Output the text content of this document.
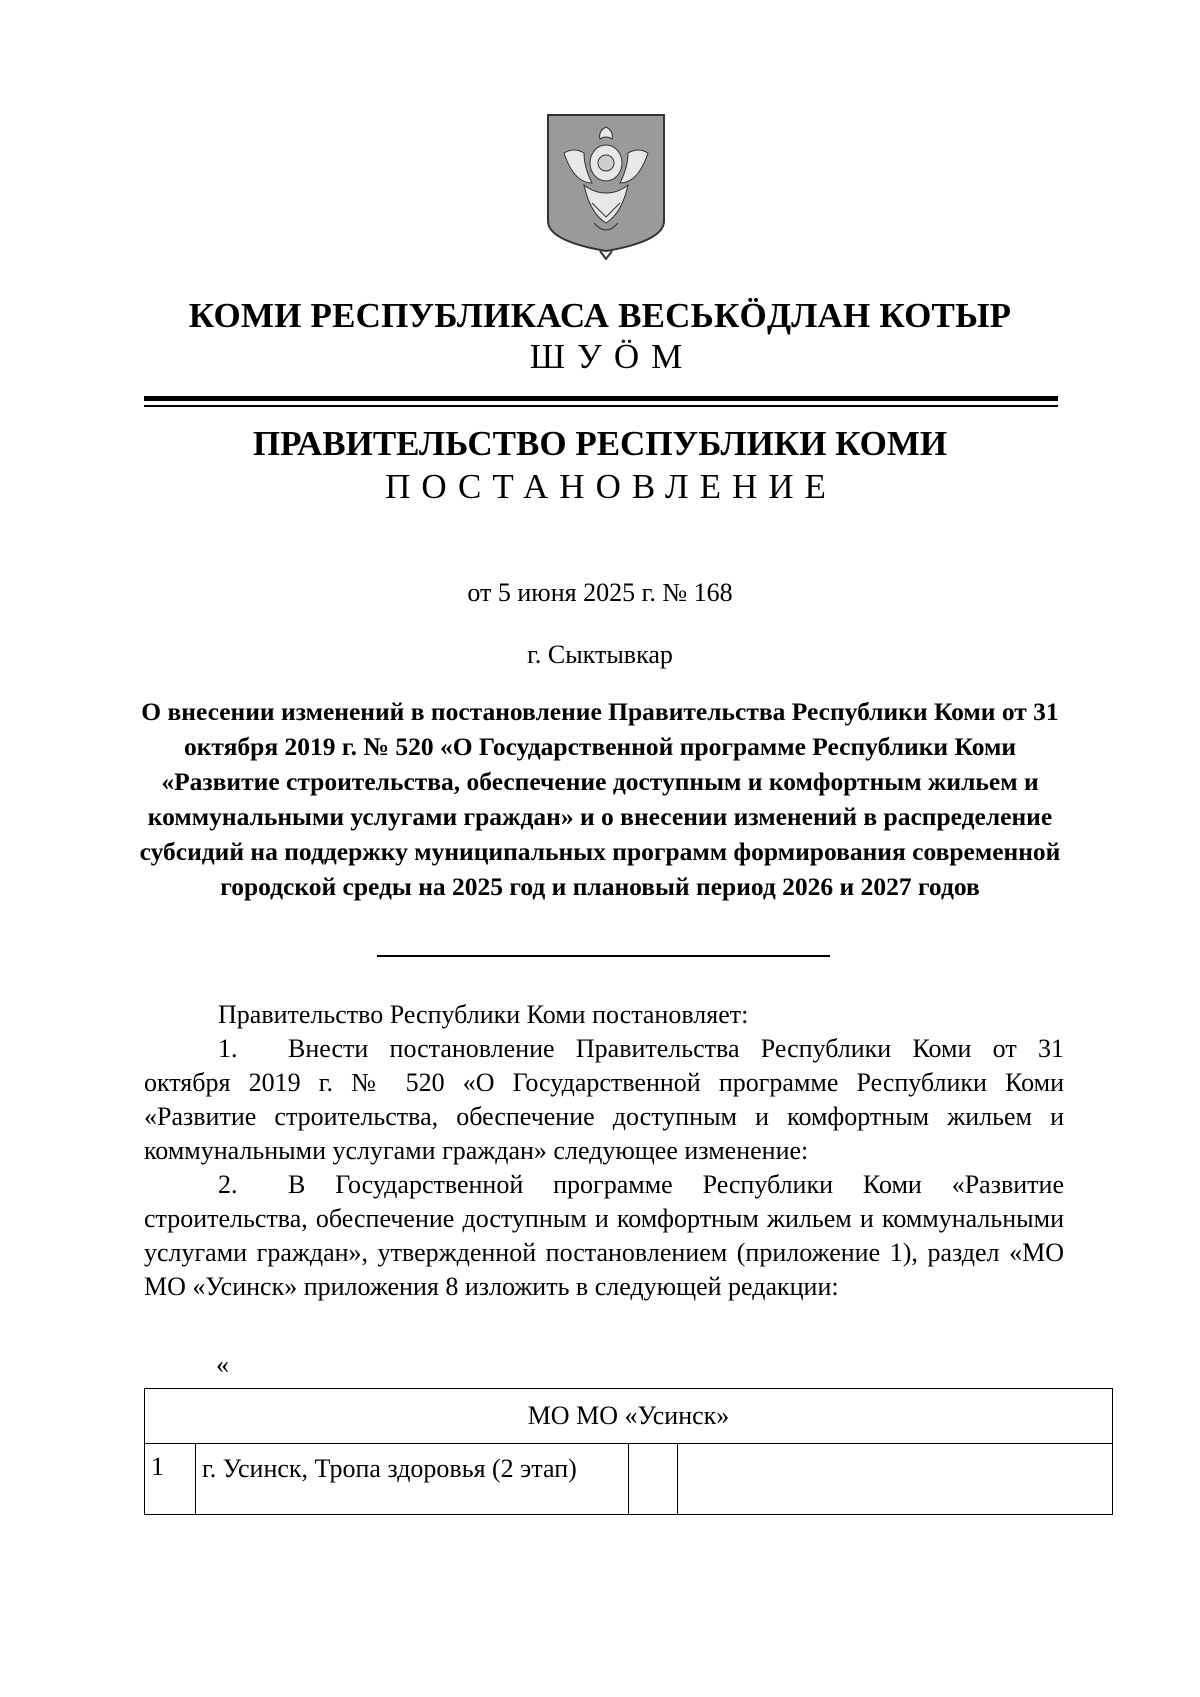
КОМИ РЕСПУБЛИКАСА ВЕСЬКӦДЛАН КОТЫР
ШУӦМ
ПРАВИТЕЛЬСТВО РЕСПУБЛИКИ КОМИ
ПОСТАНОВЛЕНИЕ
от 5 июня 2025 г. № 168
г. Сыктывкар
О внесении изменений в постановление Правительства Республики Коми от 31 октября 2019 г. № 520 «О Государственной программе Республики Коми «Развитие строительства, обеспечение доступным и комфортным жильем и коммунальными услугами граждан» и о внесении изменений в распределение субсидий на поддержку муниципальных программ формирования современной городской среды на 2025 год и плановый период 2026 и 2027 годов
Правительство Республики Коми постановляет:
1. Внести постановление Правительства Республики Коми от 31 октября 2019 г. № 520 «О Государственной программе Республики Коми «Развитие строительства, обеспечение доступным и комфортным жильем и коммунальными услугами граждан» следующее изменение:
2. В Государственной программе Республики Коми «Развитие строительства, обеспечение доступным и комфортным жильем и коммунальными услугами граждан», утвержденной постановлением (приложение 1), раздел «МО МО «Усинск» приложения 8 изложить в следующей редакции:
«
МО МО «Усинск»
1	г. Усинск, Тропа здоровья (2 этап)		
